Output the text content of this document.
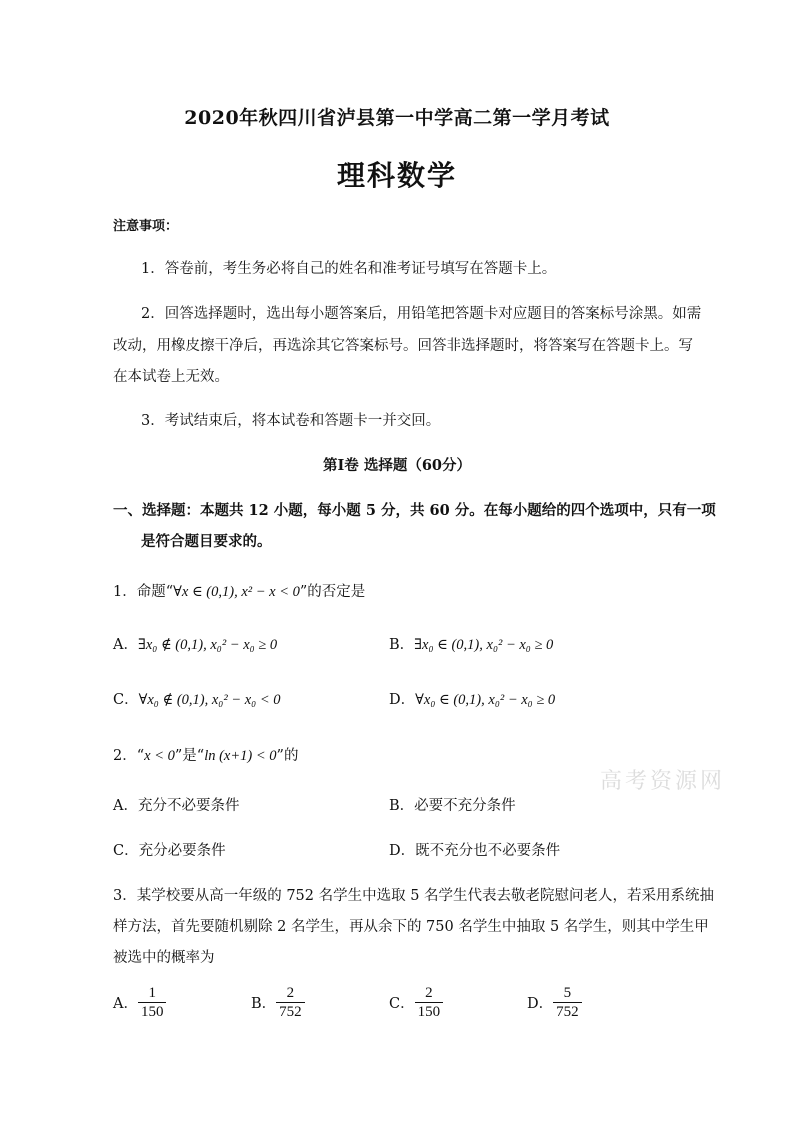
2020年秋四川省泸县第一中学高二第一学月考试
理科数学
注意事项：
1．答卷前，考生务必将自己的姓名和准考证号填写在答题卡上。
2．回答选择题时，选出每小题答案后，用铅笔把答题卡对应题目的答案标号涂黑。如需
改动，用橡皮擦干净后，再选涂其它答案标号。回答非选择题时，将答案写在答题卡上。写
在本试卷上无效。
3．考试结束后，将本试卷和答题卡一并交回。
第Ⅰ卷 选择题（60分）
一、选择题：本题共 12 小题，每小题 5 分，共 60 分。在每小题给的四个选项中，只有一项
是符合题目要求的。
1．命题“∀x ∈ (0,1), x² − x < 0”的否定是
A．∃x₀ ∉ (0,1), x₀² − x₀ ≥ 0	B．∃x₀ ∈ (0,1), x₀² − x₀ ≥ 0
C．∀x₀ ∉ (0,1), x₀² − x₀ < 0	D．∀x₀ ∈ (0,1), x₀² − x₀ ≥ 0
2．“x < 0”是“ln (x+1) < 0”的
A．充分不必要条件	B．必要不充分条件
C．充分必要条件	D．既不充分也不必要条件
高考资源网
3．某学校要从高一年级的 752 名学生中选取 5 名学生代表去敬老院慰问老人，若采用系统抽
样方法，首先要随机剔除 2 名学生，再从余下的 750 名学生中抽取 5 名学生，则其中学生甲
被选中的概率为
A． $\frac{1}{150}$	B． $\frac{2}{752}$	C． $\frac{2}{150}$	D． $\frac{5}{752}$
